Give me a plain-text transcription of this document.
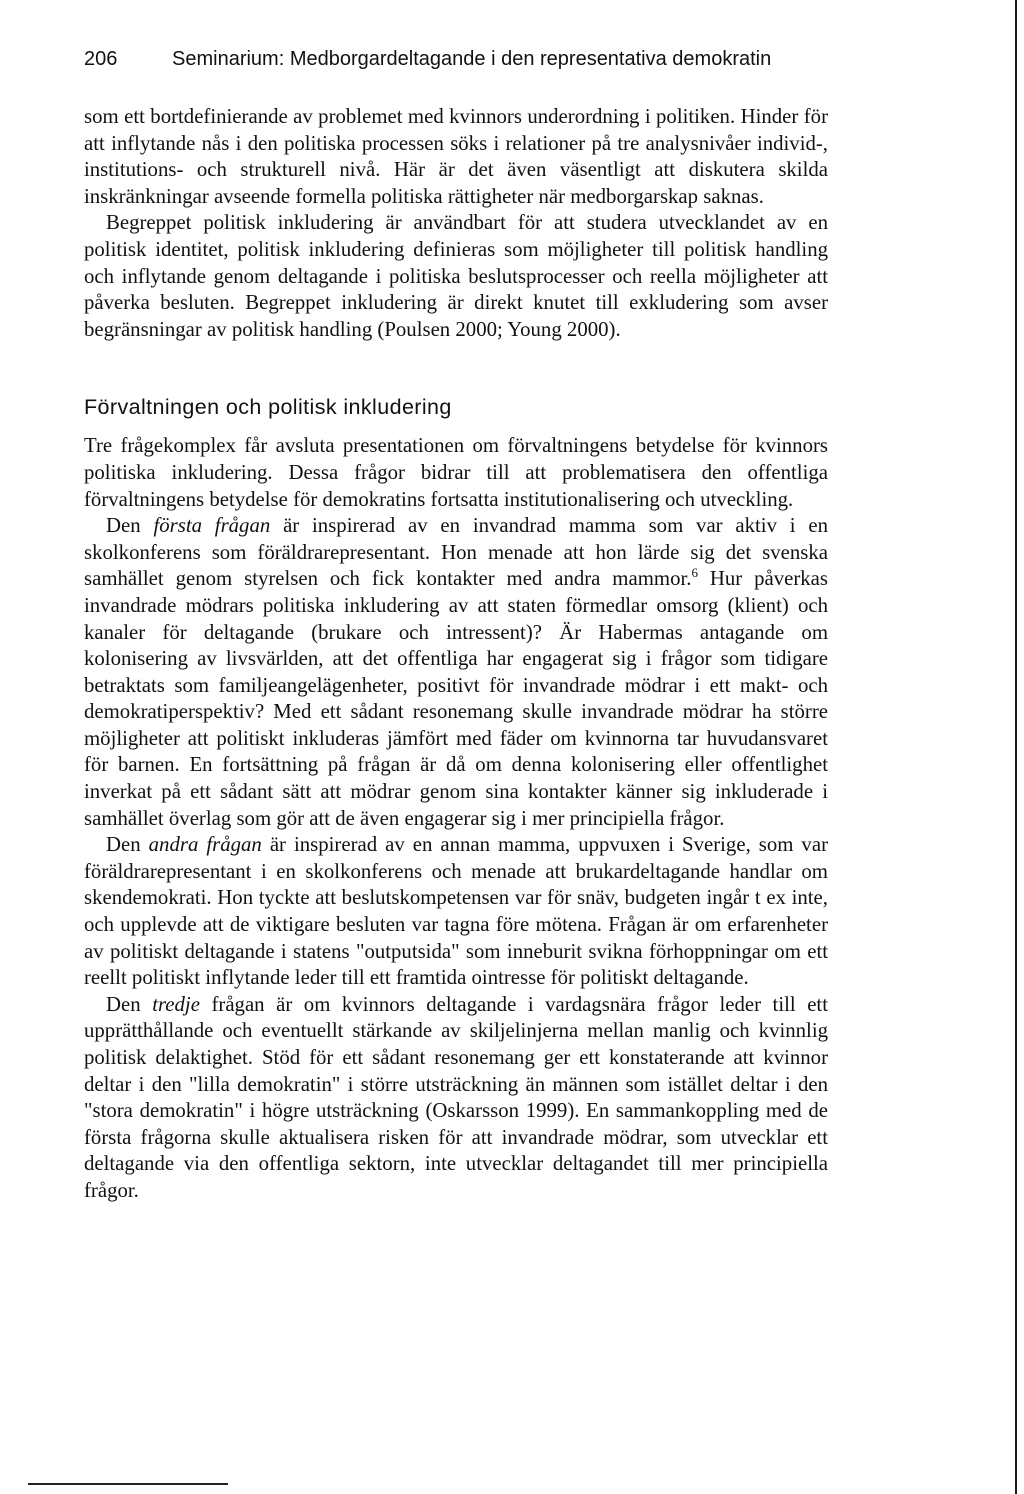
206	Seminarium: Medborgardeltagande i den representativa demokratin

som ett bortdefinierande av problemet med kvinnors underordning i politiken. Hinder för att inflytande nås i den politiska processen söks i relationer på tre analysnivåer individ-, institutions- och strukturell nivå. Här är det även väsentligt att diskutera skilda inskränkningar avseende formella politiska rättigheter när medborgarskap saknas.

Begreppet politisk inkludering är användbart för att studera utvecklandet av en politisk identitet, politisk inkludering definieras som möjligheter till politisk handling och inflytande genom deltagande i politiska beslutsprocesser och reella möjligheter att påverka besluten. Begreppet inkludering är direkt knutet till exkludering som avser begränsningar av politisk handling (Poulsen 2000; Young 2000).

Förvaltningen och politisk inkludering

Tre frågekomplex får avsluta presentationen om förvaltningens betydelse för kvinnors politiska inkludering. Dessa frågor bidrar till att problematisera den offentliga förvaltningens betydelse för demokratins fortsatta institutionalisering och utveckling.

Den första frågan är inspirerad av en invandrad mamma som var aktiv i en skolkonferens som föräldrarepresentant. Hon menade att hon lärde sig det svenska samhället genom styrelsen och fick kontakter med andra mammor.$^6$ Hur påverkas invandrade mödrars politiska inkludering av att staten förmedlar omsorg (klient) och kanaler för deltagande (brukare och intressent)? Är Habermas antagande om kolonisering av livsvärlden, att det offentliga har engagerat sig i frågor som tidigare betraktats som familjeangelägenheter, positivt för invandrade mödrar i ett makt- och demokratiperspektiv? Med ett sådant resonemang skulle invandrade mödrar ha större möjligheter att politiskt inkluderas jämfört med fäder om kvinnorna tar huvudansvaret för barnen. En fortsättning på frågan är då om denna kolonisering eller offentlighet inverkat på ett sådant sätt att mödrar genom sina kontakter känner sig inkluderade i samhället överlag som gör att de även engagerar sig i mer principiella frågor.

Den andra frågan är inspirerad av en annan mamma, uppvuxen i Sverige, som var föräldrarepresentant i en skolkonferens och menade att brukardeltagande handlar om skendemokrati. Hon tyckte att beslutskompetensen var för snäv, budgeten ingår t ex inte, och upplevde att de viktigare besluten var tagna före mötena. Frågan är om erfarenheter av politiskt deltagande i statens "outputsida" som inneburit svikna förhoppningar om ett reellt politiskt inflytande leder till ett framtida ointresse för politiskt deltagande.

Den tredje frågan är om kvinnors deltagande i vardagsnära frågor leder till ett upprätthållande och eventuellt stärkande av skiljelinjerna mellan manlig och kvinnlig politisk delaktighet. Stöd för ett sådant resonemang ger ett konstaterande att kvinnor deltar i den "lilla demokratin" i större utsträckning än männen som istället deltar i den "stora demokratin" i högre utsträckning (Oskarsson 1999). En sammankoppling med de första frågorna skulle aktualisera risken för att invandrade mödrar, som utvecklar ett deltagande via den offentliga sektorn, inte utvecklar deltagandet till mer principiella frågor.
